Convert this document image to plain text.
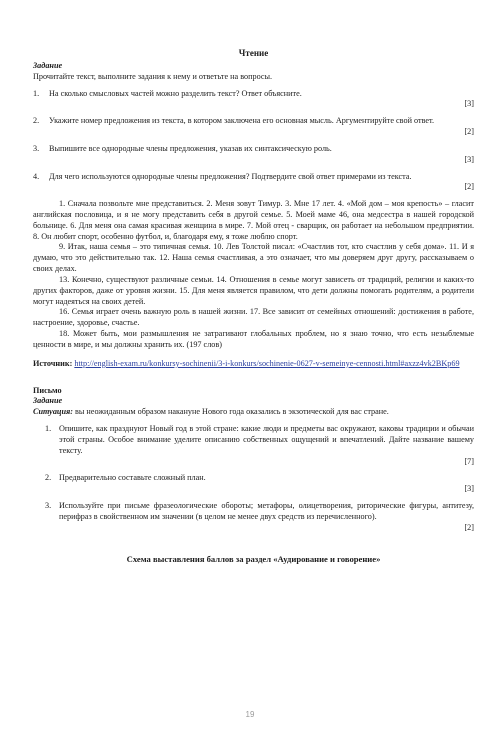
Чтение
Задание
Прочитайте текст, выполните задания к нему и ответьте на вопросы.
1.	На сколько смысловых частей можно разделить текст? Ответ объясните.
[3]
2.	Укажите номер предложения из текста, в котором заключена его основная мысль. Аргументируйте свой ответ.
[2]
3.	Выпишите все однородные члены предложения, указав их синтаксическую роль.
[3]
4.	Для чего используются однородные члены предложения? Подтвердите свой ответ примерами из текста.
[2]

1. Сначала позвольте мне представиться. 2. Меня зовут Тимур. 3. Мне 17 лет. 4. «Мой дом – моя крепость» – гласит английская пословица, и я не могу представить себя в другой семье. 5. Моей маме 46, она медсестра в нашей городской больнице. 6. Для меня она самая красивая женщина в мире. 7. Мой отец - сварщик, он работает на небольшом предприятии. 8. Он любит спорт, особенно футбол, и, благодаря ему, я тоже люблю спорт.

9. Итак, наша семья – это типичная семья. 10. Лев Толстой писал: «Счастлив тот, кто счастлив у себя дома». 11. И я думаю, что это действительно так. 12. Наша семья счастливая, а это означает, что мы доверяем друг другу, рассказываем о своих делах.

13. Конечно, существуют различные семьи. 14. Отношения в семье могут зависеть от традиций, религии и каких-то других факторов, даже от уровня жизни. 15. Для меня является правилом, что дети должны помогать родителям, а родители могут надеяться на своих детей.

16. Семья играет очень важную роль в нашей жизни. 17. Все зависит от семейных отношений: достижения в работе, настроение, здоровье, счастье.

18. Может быть, мои размышления не затрагивают глобальных проблем, но я знаю точно, что есть незыблемые ценности в мире, и мы должны хранить их. (197 слов)

Источник: http://english-exam.ru/konkursy-sochinenii/3-i-konkurs/sochinenie-0627-v-semeinye-cennosti.html#axzz4vk2BKp69
Письмо
Задание
Ситуация: вы неожиданным образом накануне Нового года оказались в экзотической для вас стране.
1. Опишите, как празднуют Новый год в этой стране: какие люди и предметы вас окружают, каковы традиции и обычаи этой страны. Особое внимание уделите описанию собственных ощущений и впечатлений. Дайте название вашему тексту.
[7]
2. Предварительно составьте сложный план.
[3]
3. Используйте при письме фразеологические обороты; метафоры, олицетворения, риторические фигуры, антитезу, перифраз в свойственном им значении (в целом не менее двух средств из перечисленного).
[2]
Схема выставления баллов за раздел «Аудирование и говорение»
19
